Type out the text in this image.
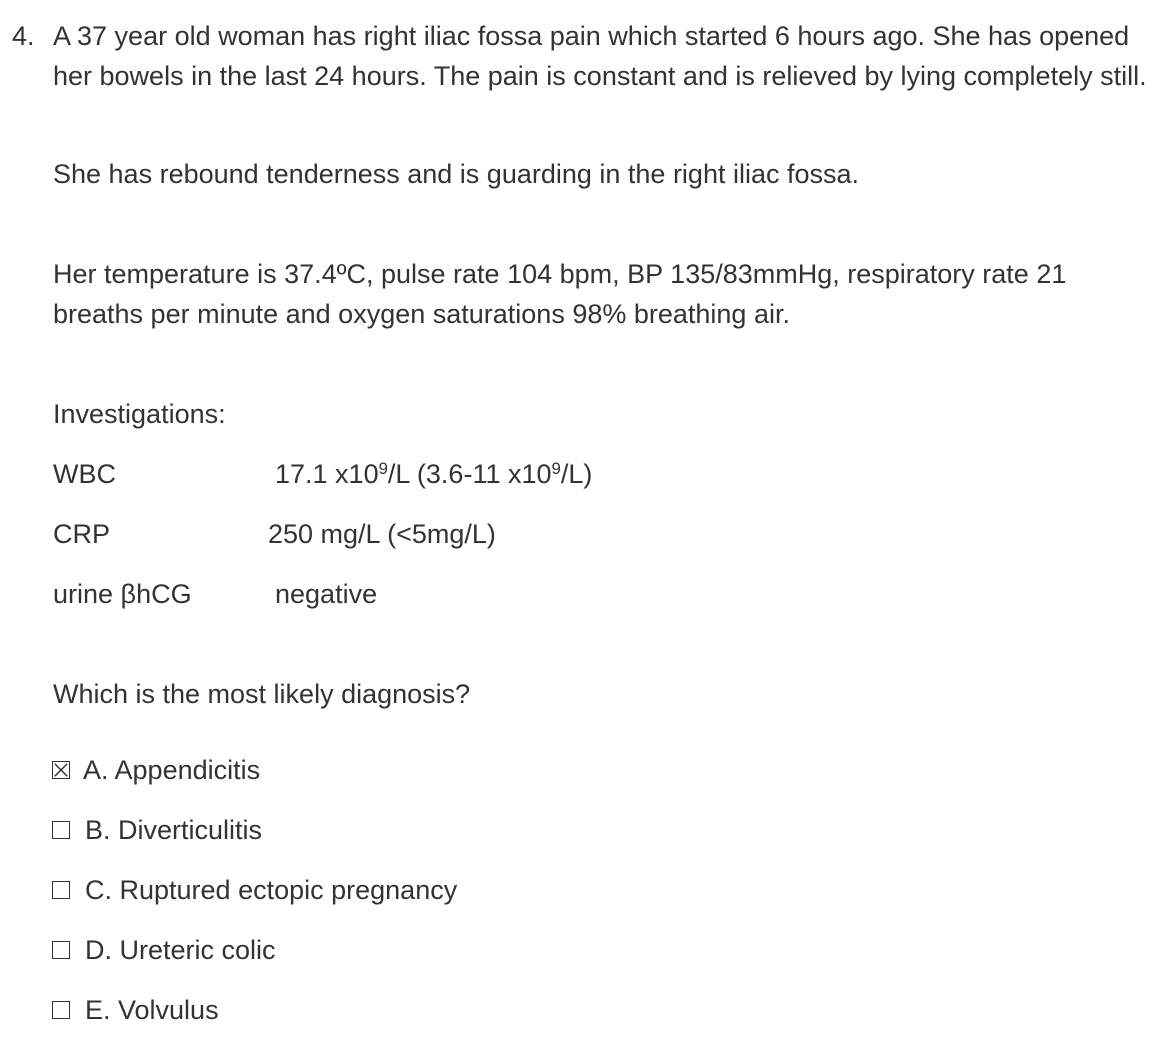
4. A 37 year old woman has right iliac fossa pain which started 6 hours ago. She has opened her bowels in the last 24 hours. The pain is constant and is relieved by lying completely still.
She has rebound tenderness and is guarding in the right iliac fossa.
Her temperature is 37.4ºC, pulse rate 104 bpm, BP 135/83mmHg, respiratory rate 21 breaths per minute and oxygen saturations 98% breathing air.
Investigations:
WBC	17.1 $x10^9/L$ (3.6-11 $x10^9/L$)
CRP	250 mg/L (<5mg/L)
urine βhCG	negative
Which is the most likely diagnosis?
A. Appendicitis
B. Diverticulitis
C. Ruptured ectopic pregnancy
D. Ureteric colic
E. Volvulus
